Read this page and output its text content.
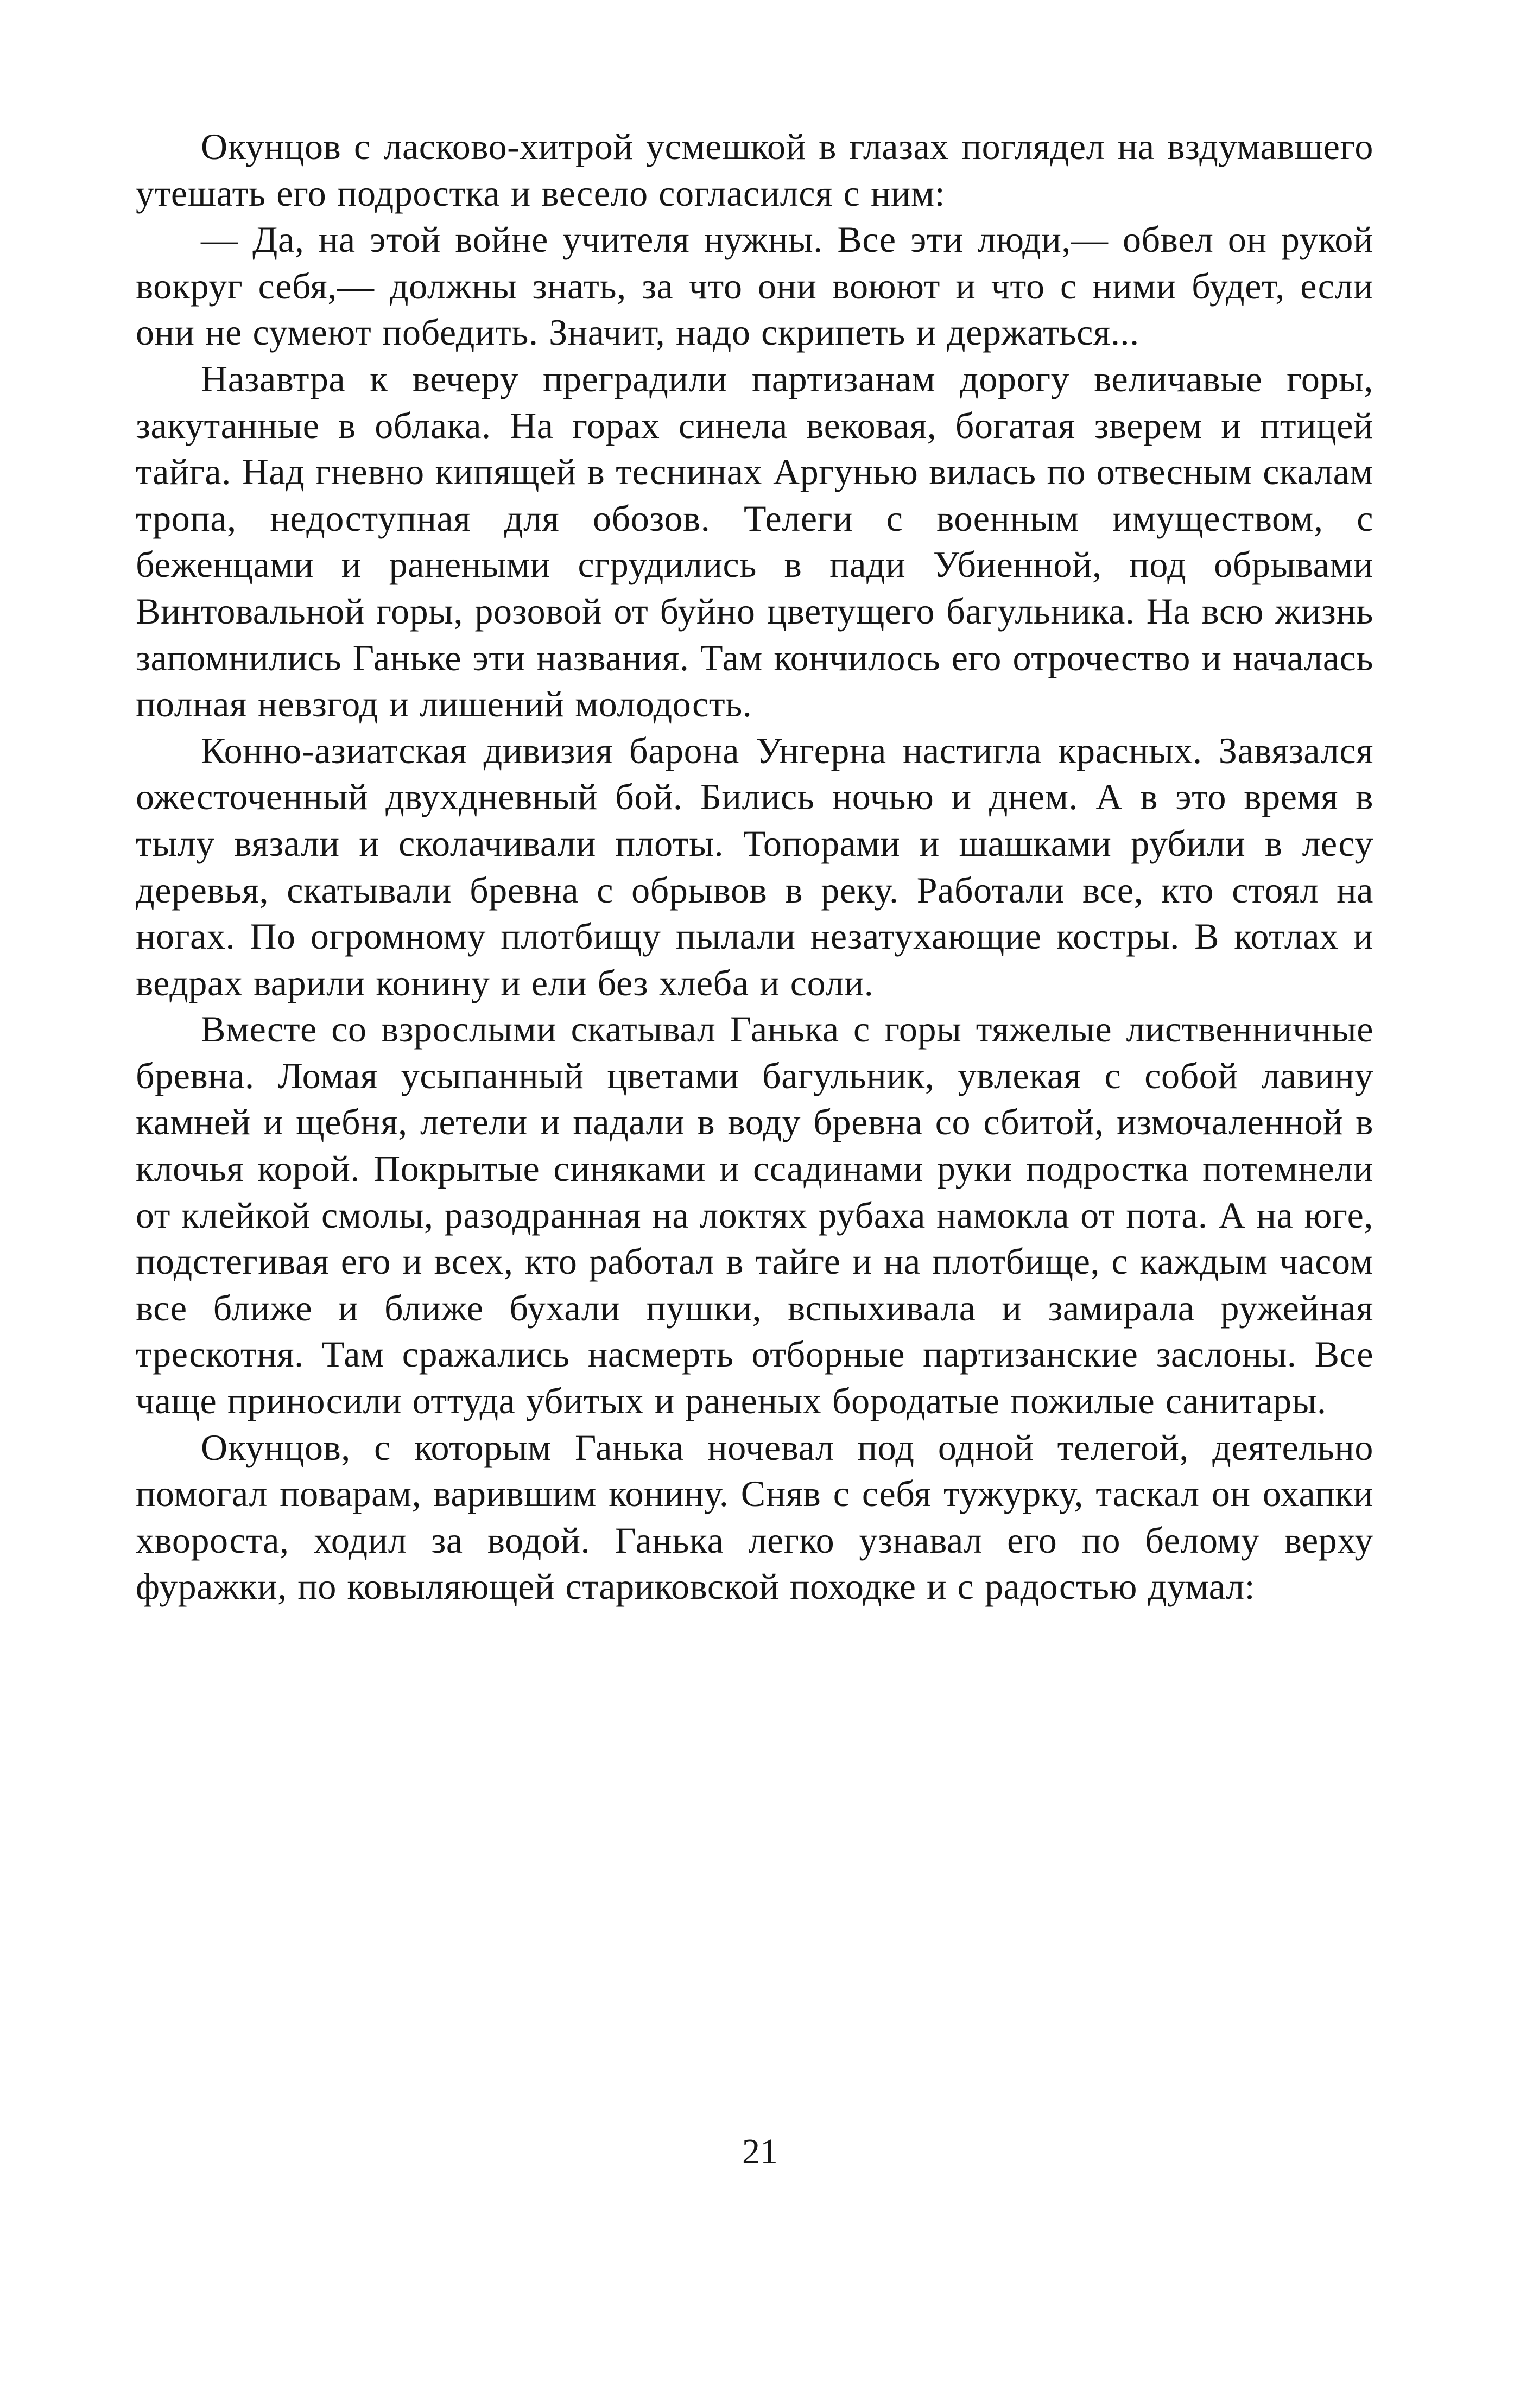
Окунцов с ласково-хитрой усмешкой в глазах поглядел на вздумавшего утешать его подростка и весело согласился с ним:

— Да, на этой войне учителя нужны. Все эти люди,— обвел он рукой вокруг себя,— должны знать, за что они воюют и что с ними будет, если они не сумеют победить. Значит, надо скрипеть и держаться...

Назавтра к вечеру преградили партизанам дорогу величавые горы, закутанные в облака. На горах синела вековая, богатая зверем и птицей тайга. Над гневно кипящей в теснинах Аргунью вилась по отвесным скалам тропа, недоступная для обозов. Телеги с военным имуществом, с беженцами и ранеными сгрудились в пади Убиенной, под обрывами Винтовальной горы, розовой от буйно цветущего багульника. На всю жизнь запомнились Ганьке эти названия. Там кончилось его отрочество и началась полная невзгод и лишений молодость.

Конно-азиатская дивизия барона Унгерна настигла красных. Завязался ожесточенный двухдневный бой. Бились ночью и днем. А в это время в тылу вязали и сколачивали плоты. Топорами и шашками рубили в лесу деревья, скатывали бревна с обрывов в реку. Работали все, кто стоял на ногах. По огромному плотбищу пылали незатухающие костры. В котлах и ведрах варили конину и ели без хлеба и соли.

Вместе со взрослыми скатывал Ганька с горы тяжелые лиственничные бревна. Ломая усыпанный цветами багульник, увлекая с собой лавину камней и щебня, летели и падали в воду бревна со сбитой, измочаленной в клочья корой. Покрытые синяками и ссадинами руки подростка потемнели от клейкой смолы, разодранная на локтях рубаха намокла от пота. А на юге, подстегивая его и всех, кто работал в тайге и на плотбище, с каждым часом все ближе и ближе бухали пушки, вспыхивала и замирала ружейная трескотня. Там сражались насмерть отборные партизанские заслоны. Все чаще приносили оттуда убитых и раненых бородатые пожилые санитары.

Окунцов, с которым Ганька ночевал под одной телегой, деятельно помогал поварам, варившим конину. Сняв с себя тужурку, таскал он охапки хвороста, ходил за водой. Ганька легко узнавал его по белому верху фуражки, по ковыляющей стариковской походке и с радостью думал:

21
